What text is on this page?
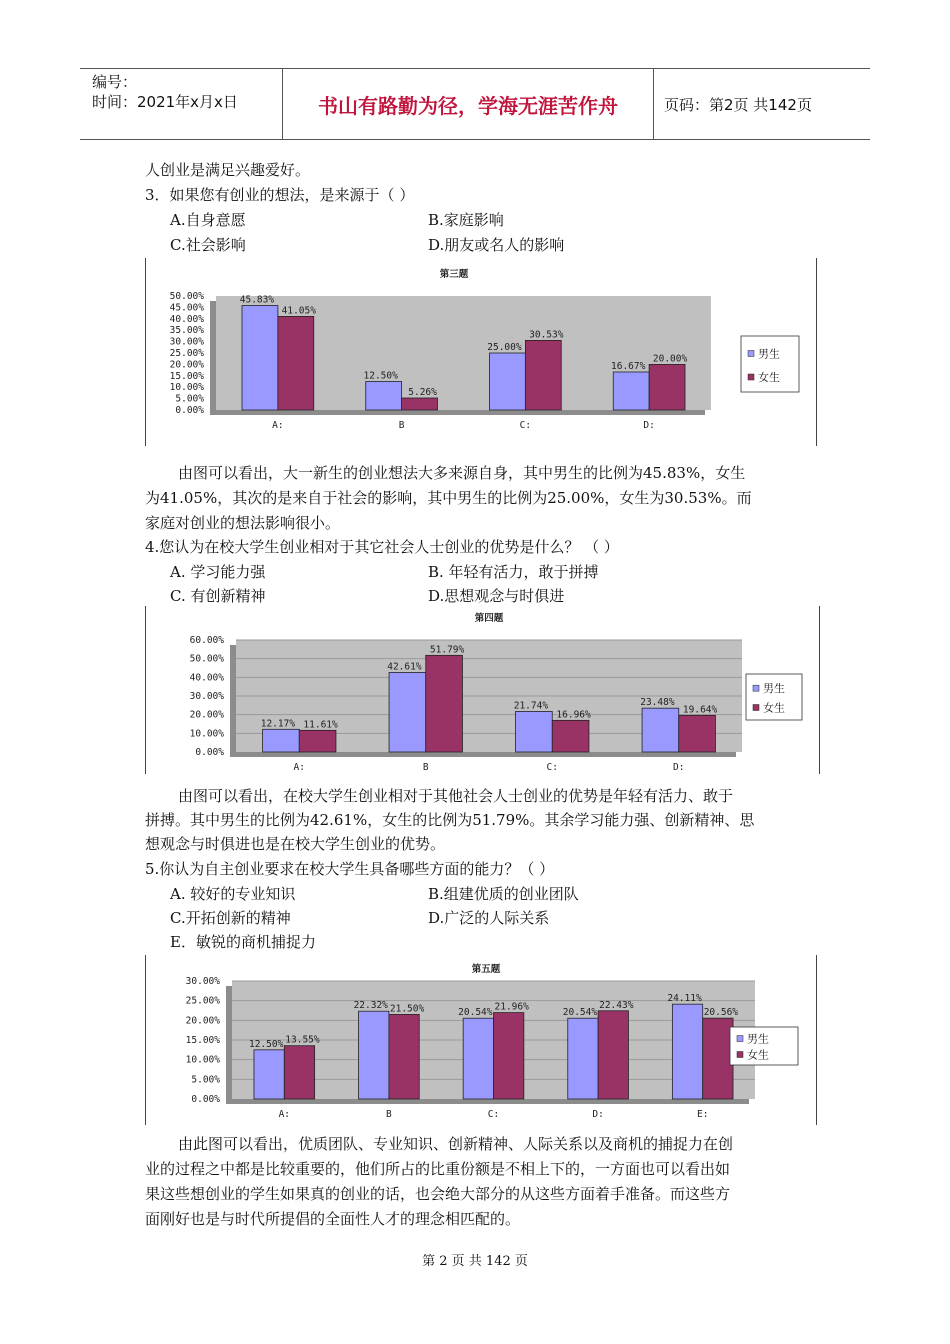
编号：
时间：2021年x月x日	书山有路勤为径，学海无涯苦作舟	页码：第2页 共142页
人创业是满足兴趣爱好。
3．如果您有创业的想法，是来源于（ ）
A.自身意愿	B.家庭影响
C.社会影响	D.朋友或名人的影响
0.00%
5.00%
10.00%
15.00%
20.00%
25.00%
30.00%
35.00%
40.00%
45.00%
50.00%
第三题
45.83%
41.05%
A:
12.50%
5.26%
B
25.00%
30.53%
C:
16.67%
20.00%
D:
男生
女生
由图可以看出，大一新生的创业想法大多来源自身，其中男生的比例为45.83%，女生
为41.05%，其次的是来自于社会的影响，其中男生的比例为25.00%，女生为30.53%。而
家庭对创业的想法影响很小。
4.您认为在校大学生创业相对于其它社会人士创业的优势是什么？ （ ）
A. 学习能力强	B. 年轻有活力，敢于拼搏
C. 有创新精神	D.思想观念与时俱进
0.00%
10.00%
20.00%
30.00%
40.00%
50.00%
60.00%
第四题
12.17% 11.61%
A:
42.61%
51.79%
B
21.74%
16.96%
C:
23.48%
19.64%
D:
男生
女生
由图可以看出，在校大学生创业相对于其他社会人士创业的优势是年轻有活力、敢于
拼搏。其中男生的比例为42.61%，女生的比例为51.79%。其余学习能力强、创新精神、思
想观念与时俱进也是在校大学生创业的优势。
5.你认为自主创业要求在校大学生具备哪些方面的能力？（ ）
A. 较好的专业知识	B.组建优质的创业团队
C.开拓创新的精神	D.广泛的人际关系
E．敏锐的商机捕捉力
0.00%
5.00%
10.00%
15.00%
20.00%
25.00%
30.00%
第五题
12.50% 13.55%
A:
22.32% 21.50%
B
20.54%
21.96%
C:
20.54%
22.43%
D:
24.11%
20.56%
E:
男生
女生
由此图可以看出，优质团队、专业知识、创新精神、人际关系以及商机的捕捉力在创
业的过程之中都是比较重要的，他们所占的比重份额是不相上下的，一方面也可以看出如
果这些想创业的学生如果真的创业的话，也会绝大部分的从这些方面着手准备。而这些方
面刚好也是与时代所提倡的全面性人才的理念相匹配的。
第 2 页 共 142 页
